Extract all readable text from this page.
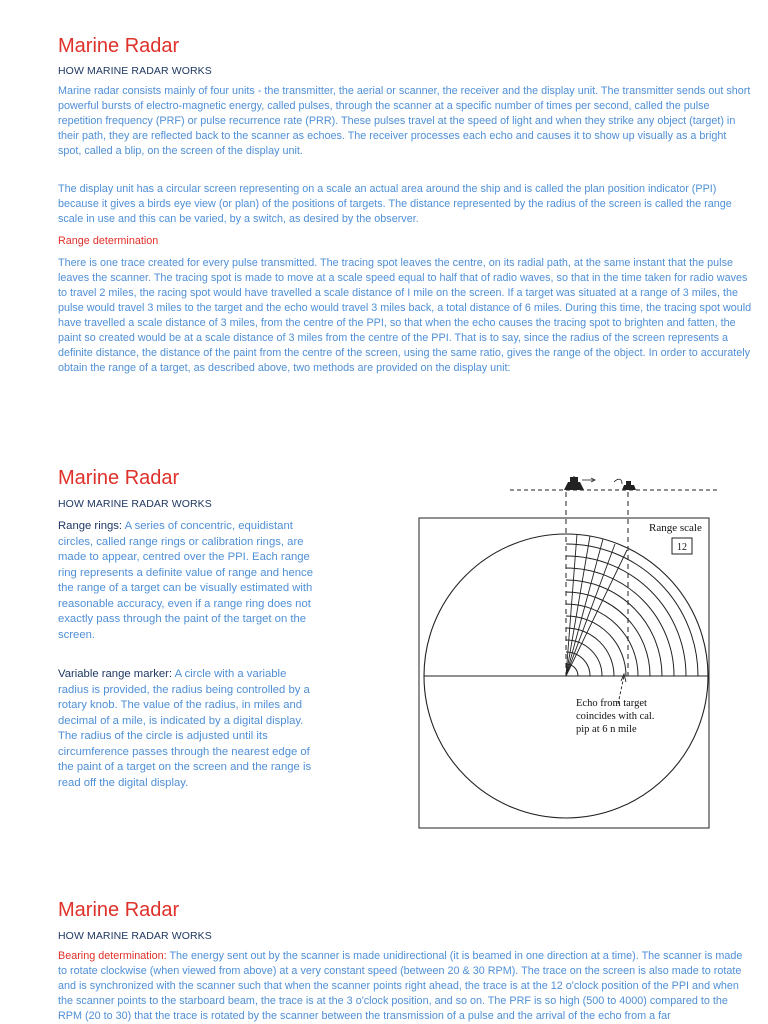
Marine Radar

HOW MARINE RADAR WORKS

Marine radar consists mainly of four units - the transmitter, the aerial or scanner, the receiver and the display unit. The transmitter sends out short powerful bursts of electro-magnetic energy, called pulses, through the scanner at a specific number of times per second, called the pulse repetition frequency (PRF) or pulse recurrence rate (PRR). These pulses travel at the speed of light and when they strike any object (target) in their path, they are reflected back to the scanner as echoes. The receiver processes each echo and causes it to show up visually as a bright spot, called a blip, on the screen of the display unit.

The display unit has a circular screen representing on a scale an actual area around the ship and is called the plan position indicator (PPI) because it gives a birds eye view (or plan) of the positions of targets. The distance represented by the radius of the screen is called the range scale in use and this can be varied, by a switch, as desired by the observer.

Range determination

There is one trace created for every pulse transmitted. The tracing spot leaves the centre, on its radial path, at the same instant that the pulse leaves the scanner. The tracing spot is made to move at a scale speed equal to half that of radio waves, so that in the time taken for radio waves to travel 2 miles, the racing spot would have travelled a scale distance of I mile on the screen. If a target was situated at a range of 3 miles, the pulse would travel 3 miles to the target and the echo would travel 3 miles back, a total distance of 6 miles. During this time, the tracing spot would have travelled a scale distance of 3 miles, from the centre of the PPI, so that when the echo causes the tracing spot to brighten and fatten, the paint so created would be at a scale distance of 3 miles from the centre of the PPI. That is to say, since the radius of the screen represents a definite distance, the distance of the paint from the centre of the screen, using the same ratio, gives the range of the object. In order to accurately obtain the range of a target, as described above, two methods are provided on the display unit:

Marine Radar

HOW MARINE RADAR WORKS

Range rings: A series of concentric, equidistant circles, called range rings or calibration rings, are made to appear, centred over the PPI. Each range ring represents a definite value of range and hence the range of a target can be visually estimated with reasonable accuracy, even if a range ring does not exactly pass through the paint of the target on the screen.

Variable range marker: A circle with a variable radius is provided, the radius being controlled by a rotary knob. The value of the radius, in miles and decimal of a mile, is indicated by a digital display. The radius of the circle is adjusted until its circumference passes through the nearest edge of the paint of a target on the screen and the range is read off the digital display.

Range scale
12
Echo from target
coincides with cal.
pip at 6 n mile
Marine Radar

HOW MARINE RADAR WORKS

Bearing determination: The energy sent out by the scanner is made unidirectional (it is beamed in one direction at a time). The scanner is made to rotate clockwise (when viewed from above) at a very constant speed (between 20 & 30 RPM). The trace on the screen is also made to rotate and is synchronized with the scanner such that when the scanner points right ahead, the trace is at the 12 o'clock position of the PPI and when the scanner points to the starboard beam, the trace is at the 3 o'clock position, and so on. The PRF is so high (500 to 4000) compared to the RPM (20 to 30) that the trace is rotated by the scanner between the transmission of a pulse and the arrival of the echo from a far
